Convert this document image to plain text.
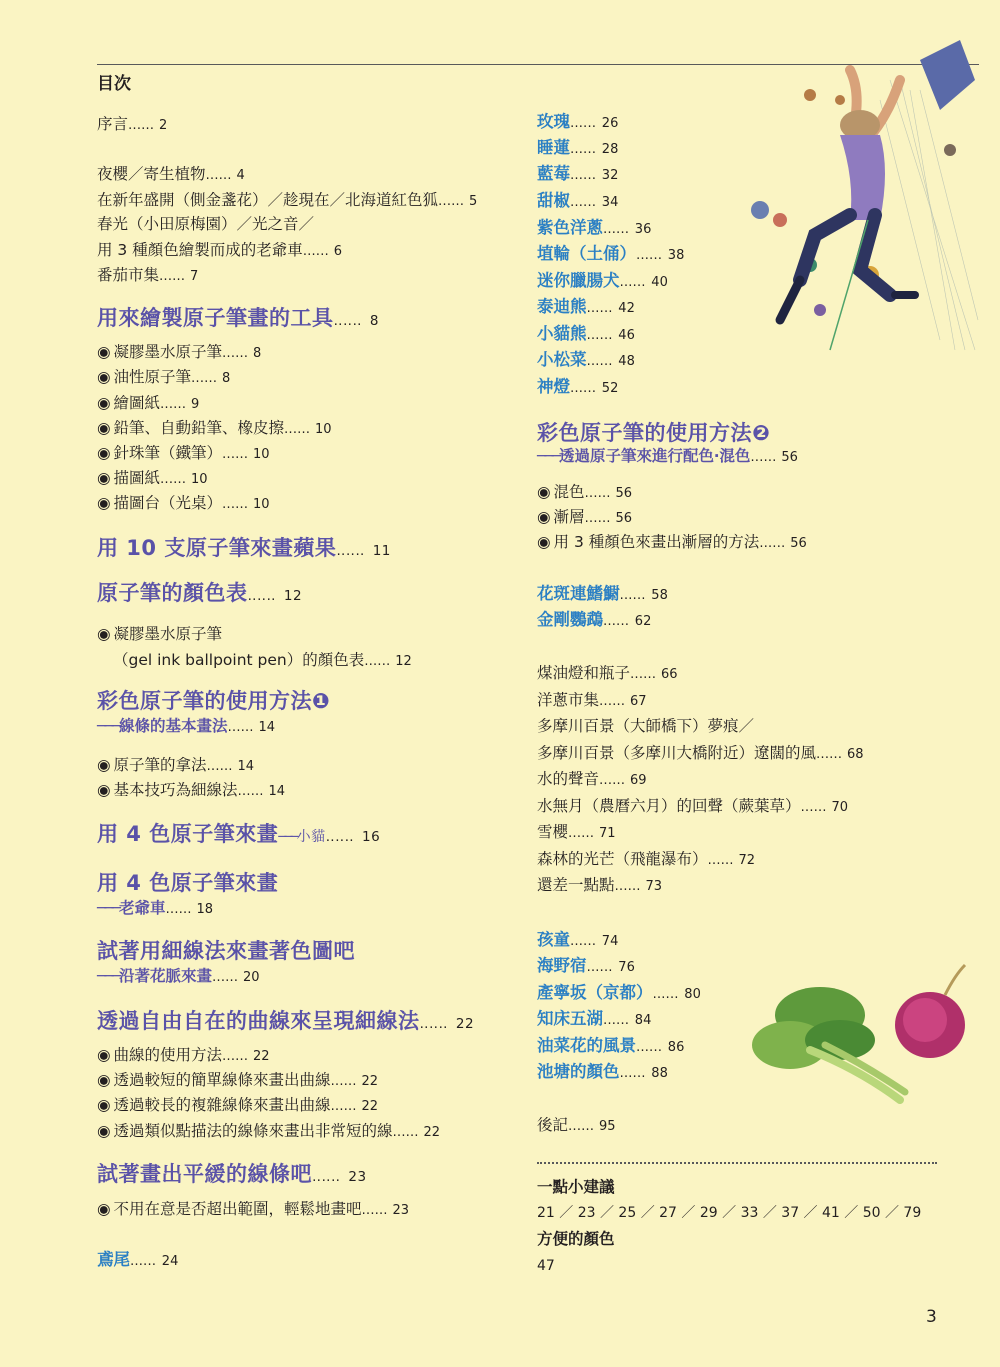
目次
序言‥‥‥ 2
夜櫻／寄生植物‥‥‥ 4
在新年盛開（側金盞花）／趁現在／北海道紅色狐‥‥‥ 5
春光（小田原梅園）／光之音／
用 3 種顏色繪製而成的老爺車‥‥‥ 6
番茄市集‥‥‥ 7
用來繪製原子筆畫的工具‥‥‥ 8
◉ 凝膠墨水原子筆‥‥‥ 8
◉ 油性原子筆‥‥‥ 8
◉ 繪圖紙‥‥‥ 9
◉ 鉛筆、自動鉛筆、橡皮擦‥‥‥ 10
◉ 針珠筆（鐵筆）‥‥‥ 10
◉ 描圖紙‥‥‥ 10
◉ 描圖台（光桌）‥‥‥ 10
用 10 支原子筆來畫蘋果‥‥‥ 11
原子筆的顏色表‥‥‥ 12
◉ 凝膠墨水原子筆
（gel ink ballpoint pen）的顏色表‥‥‥ 12
彩色原子筆的使用方法❶
───線條的基本畫法‥‥‥ 14
◉ 原子筆的拿法‥‥‥ 14
◉ 基本技巧為細線法‥‥‥ 14
用 4 色原子筆來畫───小貓‥‥‥ 16
用 4 色原子筆來畫
───老爺車‥‥‥ 18
試著用細線法來畫著色圖吧
───沿著花脈來畫‥‥‥ 20
透過自由自在的曲線來呈現細線法‥‥‥ 22
◉ 曲線的使用方法‥‥‥ 22
◉ 透過較短的簡單線條來畫出曲線‥‥‥ 22
◉ 透過較長的複雜線條來畫出曲線‥‥‥ 22
◉ 透過類似點描法的線條來畫出非常短的線‥‥‥ 22
試著畫出平緩的線條吧‥‥‥ 23
◉ 不用在意是否超出範圍，輕鬆地畫吧‥‥‥ 23
鳶尾‥‥‥ 24
玫瑰‥‥‥ 26
睡蓮‥‥‥ 28
藍莓‥‥‥ 32
甜椒‥‥‥ 34
紫色洋蔥‥‥‥ 36
埴輪（土俑）‥‥‥ 38
迷你臘腸犬‥‥‥ 40
泰迪熊‥‥‥ 42
小貓熊‥‥‥ 46
小松菜‥‥‥ 48
神燈‥‥‥ 52
彩色原子筆的使用方法❷
───透過原子筆來進行配色‧混色‥‥‥ 56
◉ 混色‥‥‥ 56
◉ 漸層‥‥‥ 56
◉ 用 3 種顏色來畫出漸層的方法‥‥‥ 56
花斑連鰭䲁‥‥‥ 58
金剛鸚鵡‥‥‥ 62
煤油燈和瓶子‥‥‥ 66
洋蔥市集‥‥‥ 67
多摩川百景（大師橋下）夢痕／
多摩川百景（多摩川大橋附近）遼闊的風‥‥‥ 68
水的聲音‥‥‥ 69
水無月（農曆六月）的回聲（蕨葉草）‥‥‥ 70
雪櫻‥‥‥ 71
森林的光芒（飛龍瀑布）‥‥‥ 72
還差一點點‥‥‥ 73
孩童‥‥‥ 74
海野宿‥‥‥ 76
產寧坂（京都）‥‥‥ 80
知床五湖‥‥‥ 84
油菜花的風景‥‥‥ 86
池塘的顏色‥‥‥ 88
後記‥‥‥ 95
一點小建議
21 ／ 23 ／ 25 ／ 27 ／ 29 ／ 33 ／ 37 ／ 41 ／ 50 ／ 79
方便的顏色
47
3
